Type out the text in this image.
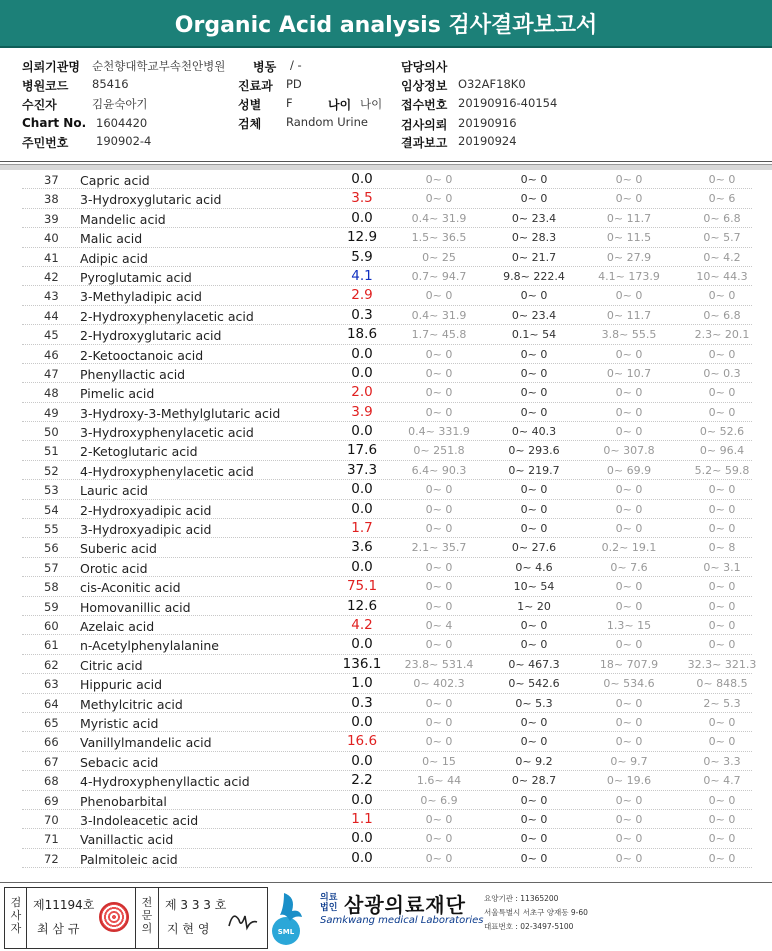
Organic Acid analysis 검사결과보고서
의뢰기관명 순천향대학교부속천안병원 병동 / -	담당의사
병원코드 85416	진료과 PD	임상정보 O32AF18K0
수진자	김윤숙아기	성별 F	나이 나이 접수번호 20190916-40154
Chart No. 1604420	검체 Random Urine	검사의뢰 20190916
주민번호 190902-4	결과보고 20190924
37 Capric acid	0.0	0~ 0	0~ 0	0~ 0	0~ 0
38 3-Hydroxyglutaric acid	3.5	0~ 0	0~ 0	0~ 0	0~ 6
39 Mandelic acid	0.0	0.4~ 31.9	0~ 23.4	0~ 11.7	0~ 6.8
40 Malic acid	12.9	1.5~ 36.5	0~ 28.3	0~ 11.5	0~ 5.7
41 Adipic acid	5.9	0~ 25	0~ 21.7	0~ 27.9	0~ 4.2
42 Pyroglutamic acid	4.1	0.7~ 94.7	9.8~ 222.4	4.1~ 173.9	10~ 44.3
43 3-Methyladipic acid	2.9	0~ 0	0~ 0	0~ 0	0~ 0
44 2-Hydroxyphenylacetic acid	0.3	0.4~ 31.9	0~ 23.4	0~ 11.7	0~ 6.8
45 2-Hydroxyglutaric acid	18.6	1.7~ 45.8	0.1~ 54	3.8~ 55.5	2.3~ 20.1
46 2-Ketooctanoic acid	0.0	0~ 0	0~ 0	0~ 0	0~ 0
47 Phenyllactic acid	0.0	0~ 0	0~ 0	0~ 10.7	0~ 0.3
48 Pimelic acid	2.0	0~ 0	0~ 0	0~ 0	0~ 0
49 3-Hydroxy-3-Methylglutaric acid	3.9	0~ 0	0~ 0	0~ 0	0~ 0
50 3-Hydroxyphenylacetic acid	0.0	0.4~ 331.9	0~ 40.3	0~ 0	0~ 52.6
51 2-Ketoglutaric acid	17.6	0~ 251.8	0~ 293.6	0~ 307.8	0~ 96.4
52 4-Hydroxyphenylacetic acid	37.3	6.4~ 90.3	0~ 219.7	0~ 69.9	5.2~ 59.8
53 Lauric acid	0.0	0~ 0	0~ 0	0~ 0	0~ 0
54 2-Hydroxyadipic acid	0.0	0~ 0	0~ 0	0~ 0	0~ 0
55 3-Hydroxyadipic acid	1.7	0~ 0	0~ 0	0~ 0	0~ 0
56 Suberic acid	3.6	2.1~ 35.7	0~ 27.6	0.2~ 19.1	0~ 8
57 Orotic acid	0.0	0~ 0	0~ 4.6	0~ 7.6	0~ 3.1
58 cis-Aconitic acid	75.1	0~ 0	10~ 54	0~ 0	0~ 0
59 Homovanillic acid	12.6	0~ 0	1~ 20	0~ 0	0~ 0
60 Azelaic acid	4.2	0~ 4	0~ 0	1.3~ 15	0~ 0
61 n-Acetylphenylalanine	0.0	0~ 0	0~ 0	0~ 0	0~ 0
62 Citric acid	136.1	23.8~ 531.4	0~ 467.3	18~ 707.9	32.3~ 321.3
63 Hippuric acid	1.0	0~ 402.3	0~ 542.6	0~ 534.6	0~ 848.5
64 Methylcitric acid	0.3	0~ 0	0~ 5.3	0~ 0	2~ 5.3
65 Myristic acid	0.0	0~ 0	0~ 0	0~ 0	0~ 0
66 Vanillylmandelic acid	16.6	0~ 0	0~ 0	0~ 0	0~ 0
67 Sebacic acid	0.0	0~ 15	0~ 9.2	0~ 9.7	0~ 3.3
68 4-Hydroxyphenyllactic acid	2.2	1.6~ 44	0~ 28.7	0~ 19.6	0~ 4.7
69 Phenobarbital	0.0	0~ 6.9	0~ 0	0~ 0	0~ 0
70 3-Indoleacetic acid	1.1	0~ 0	0~ 0	0~ 0	0~ 0
71 Vanillactic acid	0.0	0~ 0	0~ 0	0~ 0	0~ 0
72 Palmitoleic acid	0.0	0~ 0	0~ 0	0~ 0	0~ 0
검사자
제11194호
최 삼 규
전문의
제 3 3 3 호
지 현 영	SML
의료법인 삼광의료재단
Samkwang medical Laboratories
요양기관 : 11365200
서울특별시 서초구 양재동 9-60
대표번호 : 02-3497-5100
